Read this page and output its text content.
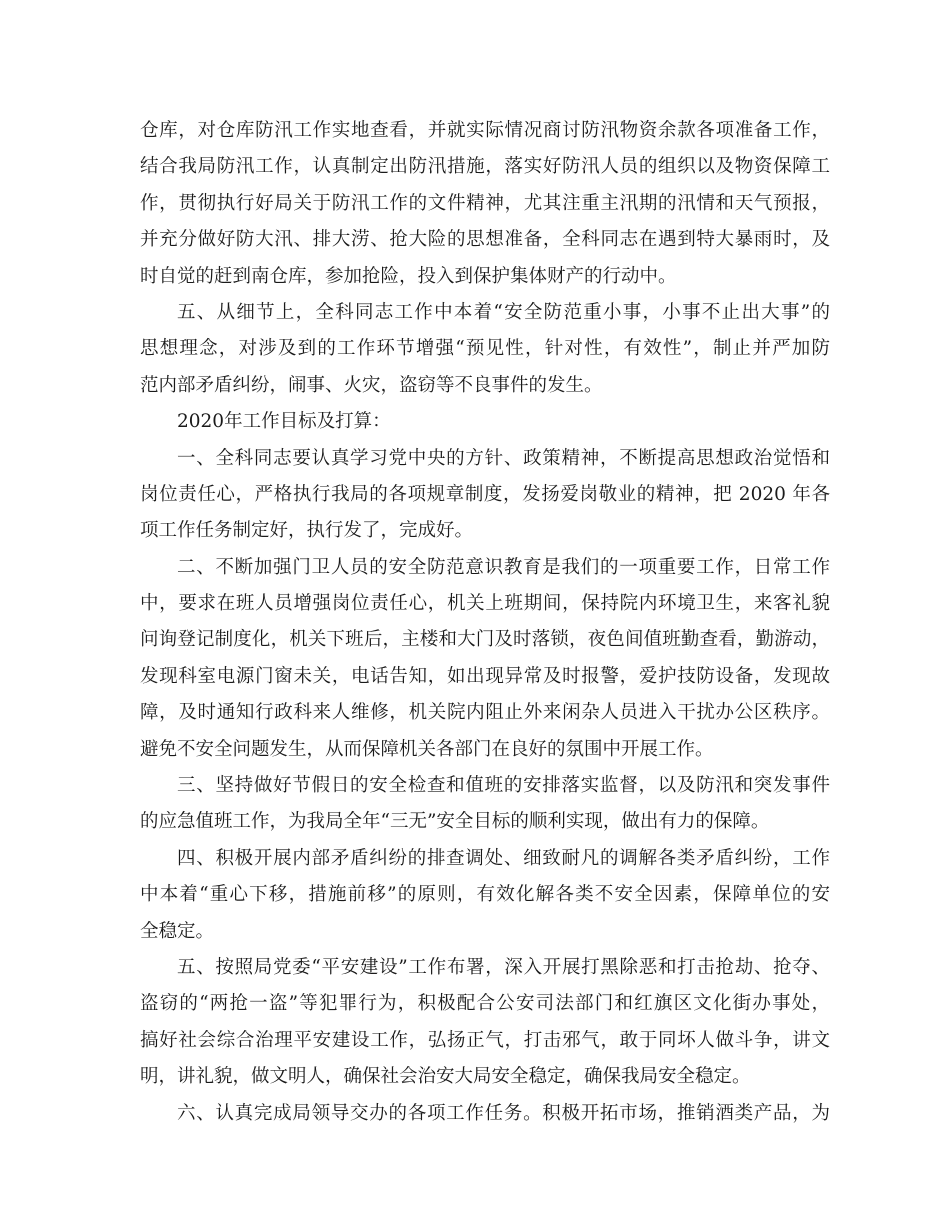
仓库，对仓库防汛工作实地查看，并就实际情况商讨防汛物资余款各项准备工作，
结合我局防汛工作，认真制定出防汛措施，落实好防汛人员的组织以及物资保障工
作，贯彻执行好局关于防汛工作的文件精神，尤其注重主汛期的汛情和天气预报，
并充分做好防大汛、排大涝、抢大险的思想准备，全科同志在遇到特大暴雨时，及
时自觉的赶到南仓库，参加抢险，投入到保护集体财产的行动中。
五、从细节上，全科同志工作中本着“安全防范重小事，小事不止出大事”的
思想理念，对涉及到的工作环节增强“预见性，针对性，有效性”，制止并严加防
范内部矛盾纠纷，闹事、火灾，盗窃等不良事件的发生。
2020年工作目标及打算：
一、全科同志要认真学习党中央的方针、政策精神，不断提高思想政治觉悟和
岗位责任心，严格执行我局的各项规章制度，发扬爱岗敬业的精神，把 2020 年各
项工作任务制定好，执行发了，完成好。
二、不断加强门卫人员的安全防范意识教育是我们的一项重要工作，日常工作
中，要求在班人员增强岗位责任心，机关上班期间，保持院内环境卫生，来客礼貌
问询登记制度化，机关下班后，主楼和大门及时落锁，夜色间值班勤查看，勤游动，
发现科室电源门窗未关，电话告知，如出现异常及时报警，爱护技防设备，发现故
障，及时通知行政科来人维修，机关院内阻止外来闲杂人员进入干扰办公区秩序。
避免不安全问题发生，从而保障机关各部门在良好的氛围中开展工作。
三、坚持做好节假日的安全检查和值班的安排落实监督，以及防汛和突发事件
的应急值班工作，为我局全年“三无”安全目标的顺利实现，做出有力的保障。
四、积极开展内部矛盾纠纷的排查调处、细致耐凡的调解各类矛盾纠纷，工作
中本着“重心下移，措施前移”的原则，有效化解各类不安全因素，保障单位的安
全稳定。
五、按照局党委“平安建设”工作布署，深入开展打黑除恶和打击抢劫、抢夺、
盗窃的“两抢一盗”等犯罪行为，积极配合公安司法部门和红旗区文化街办事处，
搞好社会综合治理平安建设工作，弘扬正气，打击邪气，敢于同坏人做斗争，讲文
明，讲礼貌，做文明人，确保社会治安大局安全稳定，确保我局安全稳定。
六、认真完成局领导交办的各项工作任务。积极开拓市场，推销酒类产品，为
